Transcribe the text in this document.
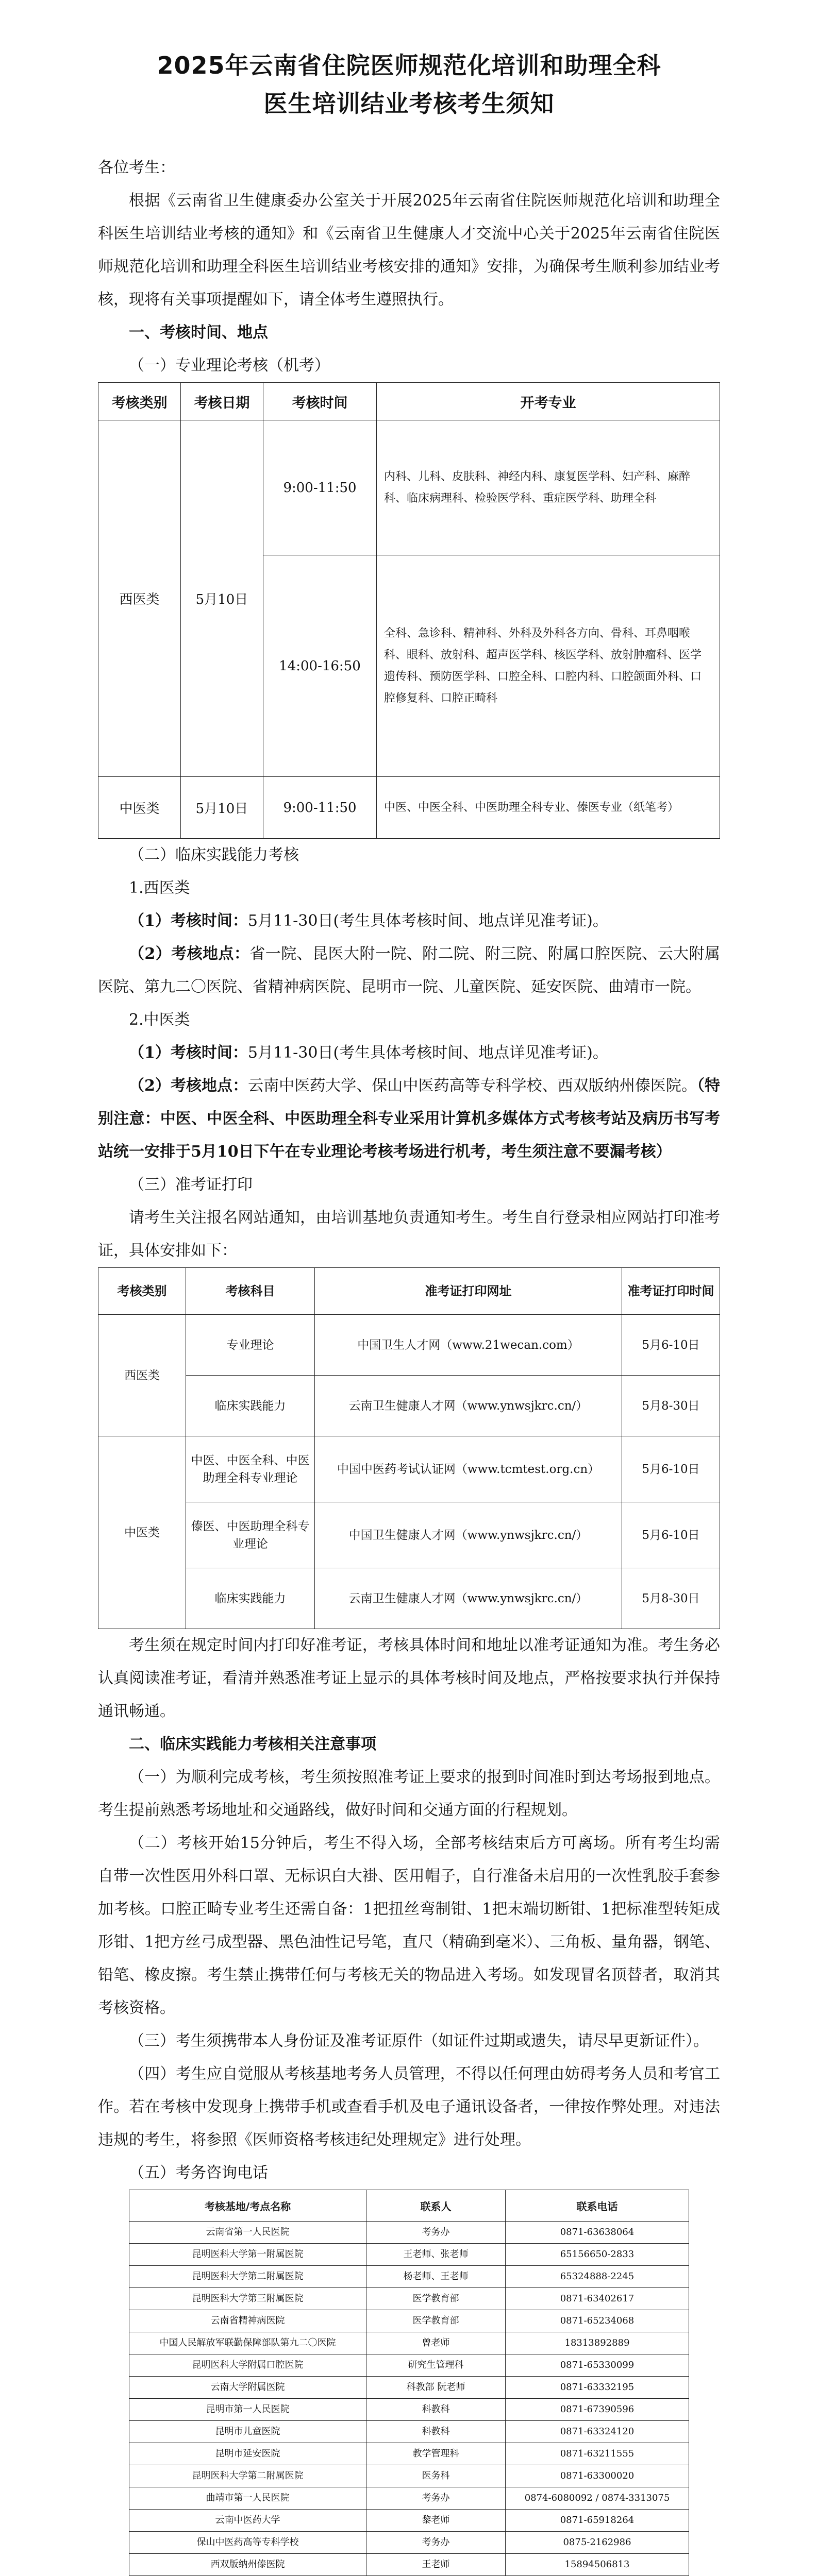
2025年云南省住院医师规范化培训和助理全科
医生培训结业考核考生须知

各位考生：

根据《云南省卫生健康委办公室关于开展2025年云南省住院医师规范化培训和助理全科医生培训结业考核的通知》和《云南省卫生健康人才交流中心关于2025年云南省住院医师规范化培训和助理全科医生培训结业考核安排的通知》安排，为确保考生顺利参加结业考核，现将有关事项提醒如下，请全体考生遵照执行。

一、考核时间、地点

（一）专业理论考核（机考）

考核类别	考核日期	考核时间	开考专业
西医类	5月10日	9:00-11:50	内科、儿科、皮肤科、神经内科、康复医学科、妇产科、麻醉科、临床病理科、检验医学科、重症医学科、助理全科
		14:00-16:50	全科、急诊科、精神科、外科及外科各方向、骨科、耳鼻咽喉科、眼科、放射科、超声医学科、核医学科、放射肿瘤科、医学遗传科、预防医学科、口腔全科、口腔内科、口腔颌面外科、口腔修复科、口腔正畸科
中医类	5月10日	9:00-11:50	中医、中医全科、中医助理全科专业、傣医专业（纸笔考）

（二）临床实践能力考核

1.西医类

（1）考核时间：5月11-30日(考生具体考核时间、地点详见准考证)。

（2）考核地点：省一院、昆医大附一院、附二院、附三院、附属口腔医院、云大附属医院、第九二〇医院、省精神病医院、昆明市一院、儿童医院、延安医院、曲靖市一院。

2.中医类

（1）考核时间：5月11-30日(考生具体考核时间、地点详见准考证)。

（2）考核地点：云南中医药大学、保山中医药高等专科学校、西双版纳州傣医院。（特别注意：中医、中医全科、中医助理全科专业采用计算机多媒体方式考核考站及病历书写考站统一安排于5月10日下午在专业理论考核考场进行机考，考生须注意不要漏考核）

（三）准考证打印

请考生关注报名网站通知，由培训基地负责通知考生。考生自行登录相应网站打印准考证，具体安排如下：

考核类别	考核科目	准考证打印网址	准考证打印时间
西医类	专业理论	中国卫生人才网（www.21wecan.com）	5月6-10日
	临床实践能力	云南卫生健康人才网（www.ynwsjkrc.cn/）	5月8-30日
中医类	中医、中医全科、中医助理全科专业理论	中国中医药考试认证网（www.tcmtest.org.cn）	5月6-10日
	傣医、中医助理全科专业理论	中国卫生健康人才网（www.ynwsjkrc.cn/）	5月6-10日
	临床实践能力	云南卫生健康人才网（www.ynwsjkrc.cn/）	5月8-30日

考生须在规定时间内打印好准考证，考核具体时间和地址以准考证通知为准。考生务必认真阅读准考证，看清并熟悉准考证上显示的具体考核时间及地点，严格按要求执行并保持通讯畅通。

二、临床实践能力考核相关注意事项

（一）为顺利完成考核，考生须按照准考证上要求的报到时间准时到达考场报到地点。考生提前熟悉考场地址和交通路线，做好时间和交通方面的行程规划。

（二）考核开始15分钟后，考生不得入场，全部考核结束后方可离场。所有考生均需自带一次性医用外科口罩、无标识白大褂、医用帽子，自行准备未启用的一次性乳胶手套参加考核。口腔正畸专业考生还需自备：1把扭丝弯制钳、1把末端切断钳、1把标准型转矩成形钳、1把方丝弓成型器、黑色油性记号笔，直尺（精确到毫米）、三角板、量角器，钢笔、铅笔、橡皮擦。考生禁止携带任何与考核无关的物品进入考场。如发现冒名顶替者，取消其考核资格。

（三）考生须携带本人身份证及准考证原件（如证件过期或遗失，请尽早更新证件）。

（四）考生应自觉服从考核基地考务人员管理，不得以任何理由妨碍考务人员和考官工作。若在考核中发现身上携带手机或查看手机及电子通讯设备者，一律按作弊处理。对违法违规的考生，将参照《医师资格考核违纪处理规定》进行处理。

（五）考务咨询电话

考核基地/考点名称	联系人	联系电话
云南省第一人民医院	考务办	0871-63638064
昆明医科大学第一附属医院	王老师、张老师	65156650-2833
昆明医科大学第二附属医院	杨老师、王老师	65324888-2245
昆明医科大学第三附属医院	医学教育部	0871-63402617
云南省精神病医院	医学教育部	0871-65234068
中国人民解放军联勤保障部队第九二〇医院	曾老师	18313892889
昆明医科大学附属口腔医院	研究生管理科	0871-65330099
云南大学附属医院	科教部 阮老师	0871-63332195
昆明市第一人民医院	科教科	0871-67390596
昆明市儿童医院	科教科	0871-63324120
昆明市延安医院	教学管理科	0871-63211555
昆明医科大学第二附属医院	医务科	0871-63300020
曲靖市第一人民医院	考务办	0874-6080092 / 0874-3313075
云南中医药大学	黎老师	0871-65918264
保山中医药高等专科学校	考务办	0875-2162986
西双版纳州傣医院	王老师	15894506813
